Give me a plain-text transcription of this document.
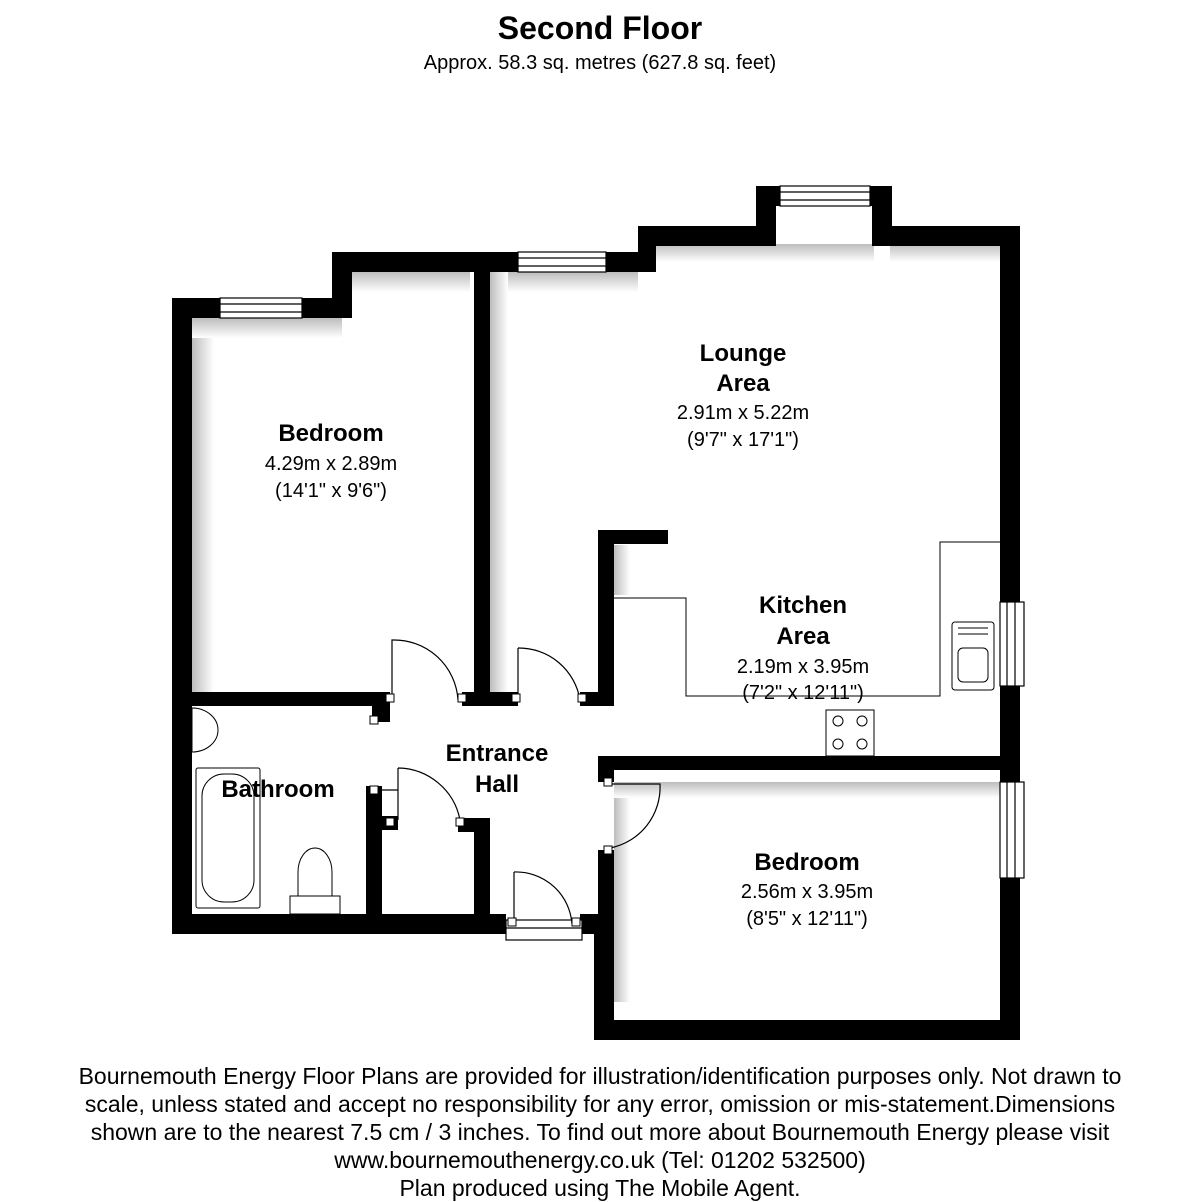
Second Floor
Approx. 58.3 sq. metres (627.8 sq. feet)
Bedroom
4.29m x 2.89m
(14'1" x 9'6")
Lounge
Area
2.91m x 5.22m
(9'7" x 17'1")
Kitchen
Area
2.19m x 3.95m
(7'2" x 12'11")
Entrance
Hall
Bathroom
Bedroom
2.56m x 3.95m
(8'5" x 12'11")
Bournemouth Energy Floor Plans are provided for illustration/identification purposes only. Not drawn to
scale, unless stated and accept no responsibility for any error, omission or mis-statement.Dimensions
shown are to the nearest 7.5 cm / 3 inches. To find out more about Bournemouth Energy please visit
www.bournemouthenergy.co.uk (Tel: 01202 532500)
Plan produced using The Mobile Agent.
